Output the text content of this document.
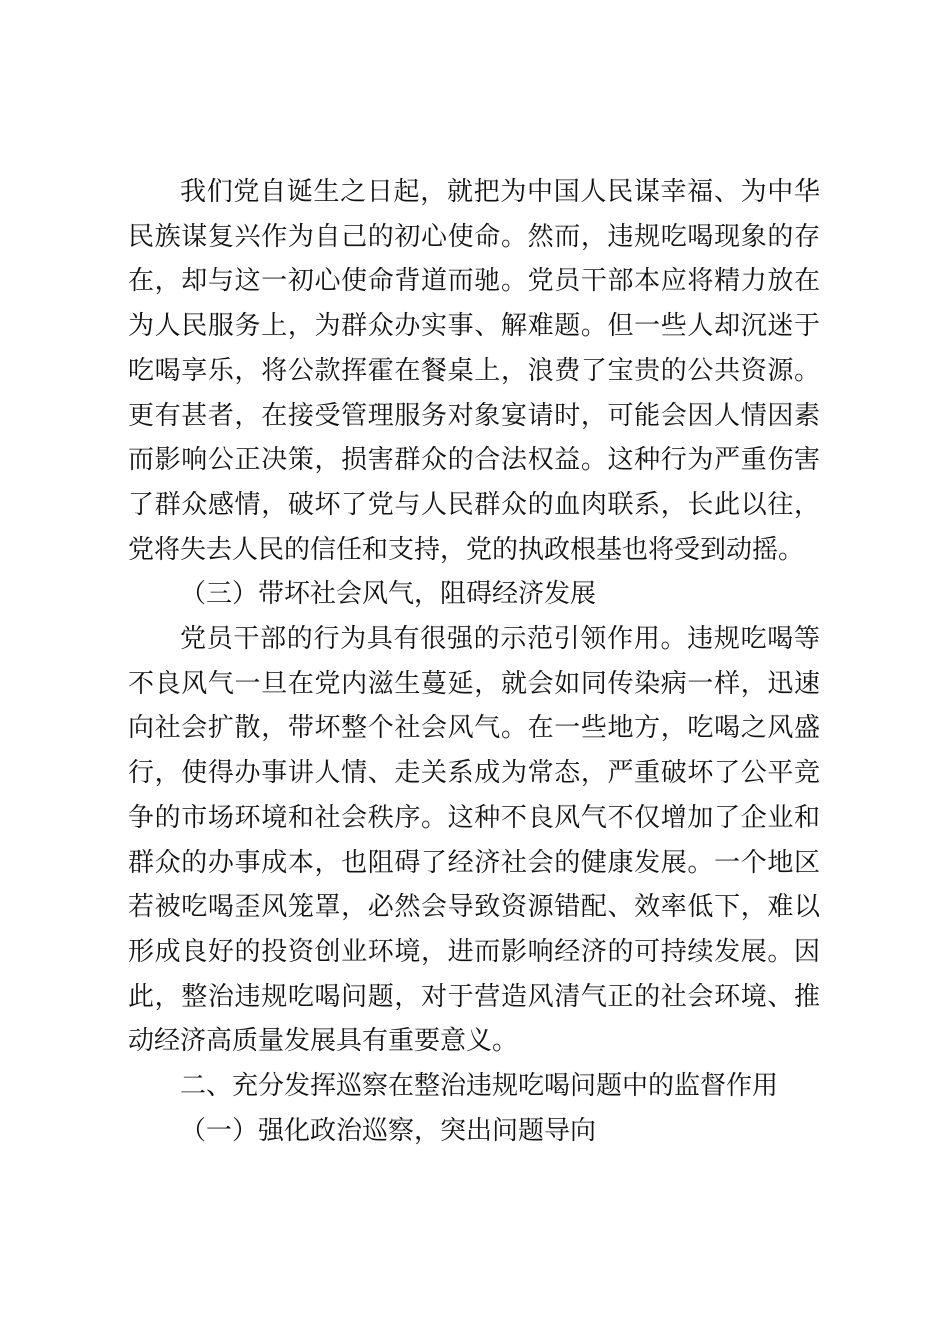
我们党自诞生之日起，就把为中国人民谋幸福、为中华民族谋复兴作为自己的初心使命。然而，违规吃喝现象的存在，却与这一初心使命背道而驰。党员干部本应将精力放在为人民服务上，为群众办实事、解难题。但一些人却沉迷于吃喝享乐，将公款挥霍在餐桌上，浪费了宝贵的公共资源。更有甚者，在接受管理服务对象宴请时，可能会因人情因素而影响公正决策，损害群众的合法权益。这种行为严重伤害了群众感情，破坏了党与人民群众的血肉联系，长此以往，党将失去人民的信任和支持，党的执政根基也将受到动摇。

（三）带坏社会风气，阻碍经济发展

党员干部的行为具有很强的示范引领作用。违规吃喝等不良风气一旦在党内滋生蔓延，就会如同传染病一样，迅速向社会扩散，带坏整个社会风气。在一些地方，吃喝之风盛行，使得办事讲人情、走关系成为常态，严重破坏了公平竞争的市场环境和社会秩序。这种不良风气不仅增加了企业和群众的办事成本，也阻碍了经济社会的健康发展。一个地区若被吃喝歪风笼罩，必然会导致资源错配、效率低下，难以形成良好的投资创业环境，进而影响经济的可持续发展。因此，整治违规吃喝问题，对于营造风清气正的社会环境、推动经济高质量发展具有重要意义。

二、充分发挥巡察在整治违规吃喝问题中的监督作用

（一）强化政治巡察，突出问题导向
